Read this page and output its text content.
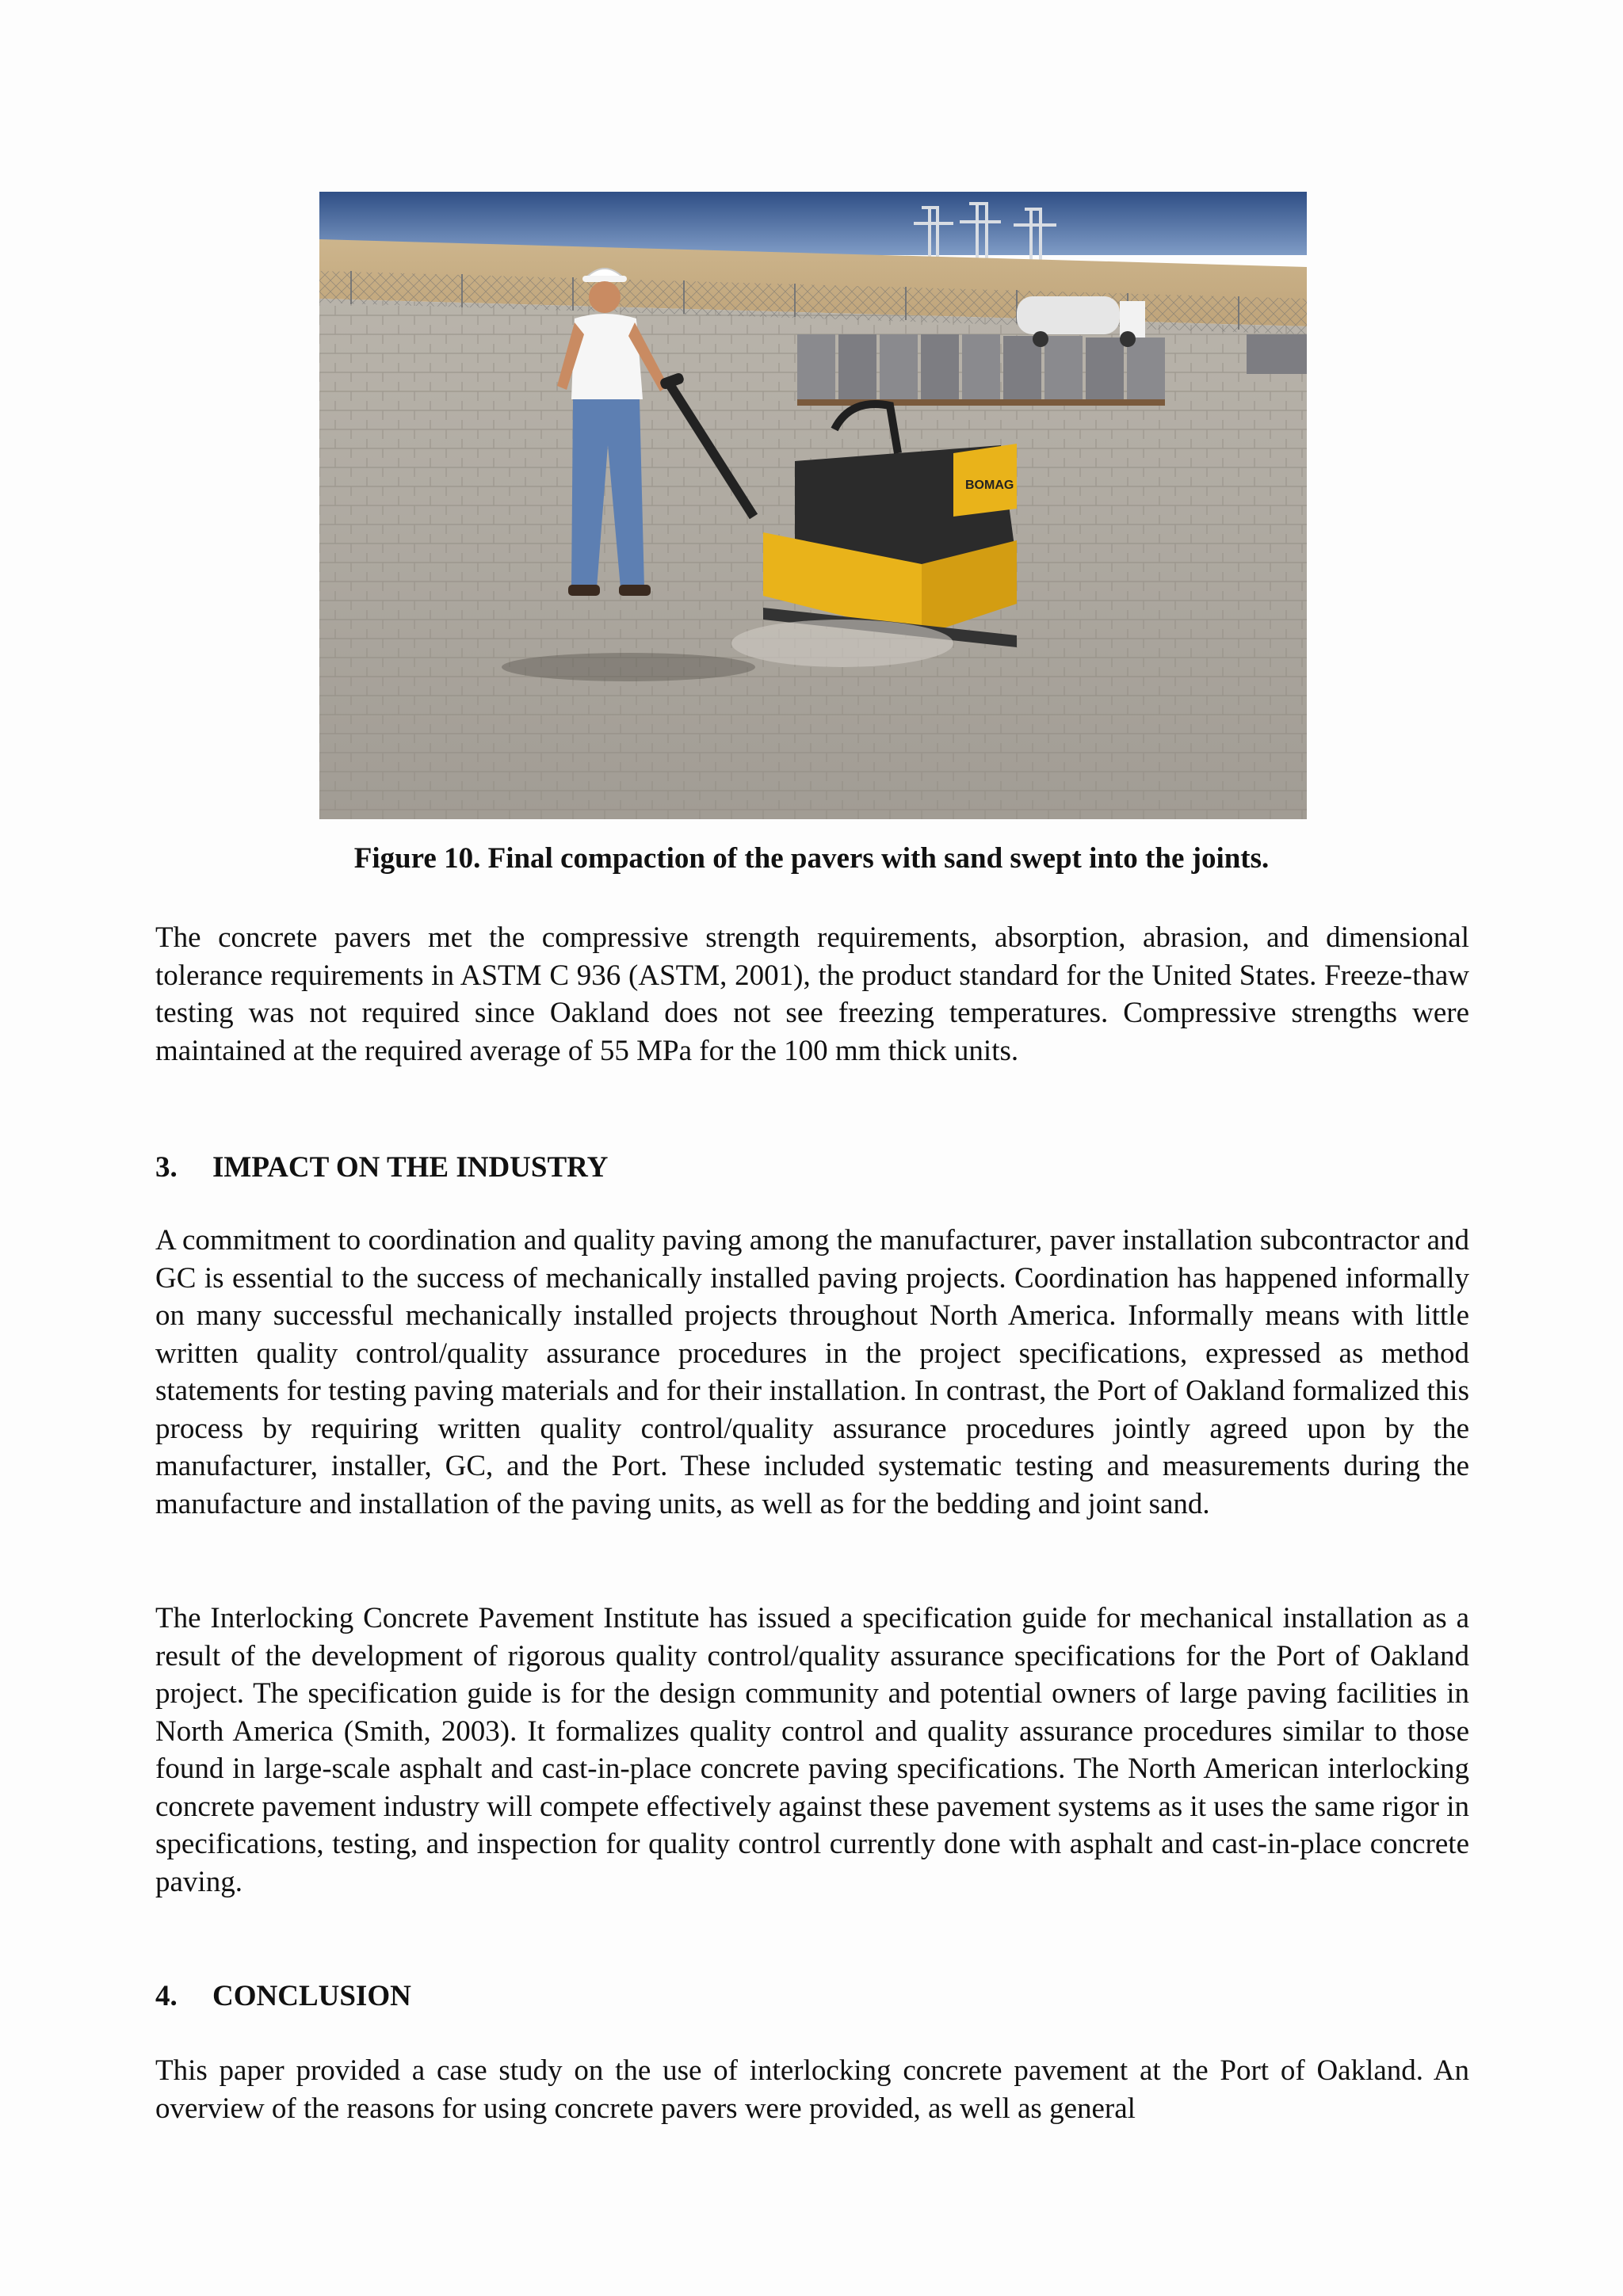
BOMAG
Figure 10. Final compaction of the pavers with sand swept into the joints.

The concrete pavers met the compressive strength requirements, absorption, abrasion, and dimensional tolerance requirements in ASTM C 936 (ASTM, 2001), the product standard for the United States. Freeze-thaw testing was not required since Oakland does not see freezing temperatures. Compressive strengths were maintained at the required average of 55 MPa for the 100 mm thick units.

3. IMPACT ON THE INDUSTRY

A commitment to coordination and quality paving among the manufacturer, paver installation subcontractor and GC is essential to the success of mechanically installed paving projects. Coordination has happened informally on many successful mechanically installed projects throughout North America. Informally means with little written quality control/quality assurance procedures in the project specifications, expressed as method statements for testing paving materials and for their installation. In contrast, the Port of Oakland formalized this process by requiring written quality control/quality assurance procedures jointly agreed upon by the manufacturer, installer, GC, and the Port. These included systematic testing and measurements during the manufacture and installation of the paving units, as well as for the bedding and joint sand.

The Interlocking Concrete Pavement Institute has issued a specification guide for mechanical installation as a result of the development of rigorous quality control/quality assurance specifications for the Port of Oakland project. The specification guide is for the design community and potential owners of large paving facilities in North America (Smith, 2003). It formalizes quality control and quality assurance procedures similar to those found in large-scale asphalt and cast-in-place concrete paving specifications. The North American interlocking concrete pavement industry will compete effectively against these pavement systems as it uses the same rigor in specifications, testing, and inspection for quality control currently done with asphalt and cast-in-place concrete paving.

4. CONCLUSION

This paper provided a case study on the use of interlocking concrete pavement at the Port of Oakland. An overview of the reasons for using concrete pavers were provided, as well as general
